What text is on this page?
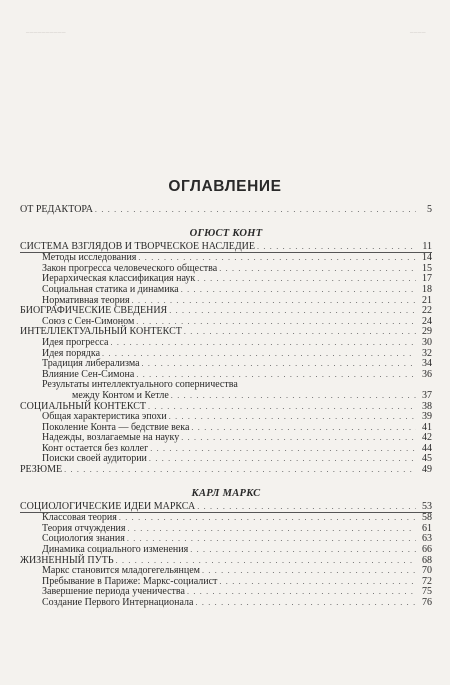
__________	____
ОГЛАВЛЕНИЕ
ОТ РЕДАКТОРА . . .	5
ОГЮСТ КОНТ
СИСТЕМА ВЗГЛЯДОВ И ТВОРЧЕСКОЕ НАСЛЕДИЕ . . .	11
Методы исследования . . .	14
Закон прогресса человеческого общества . . .	15
Иерархическая классификация наук . . .	17
Социальная статика и динамика . . .	18
Нормативная теория . . .	21
БИОГРАФИЧЕСКИЕ СВЕДЕНИЯ . . .	22
Союз с Сен-Симоном . . .	24
ИНТЕЛЛЕКТУАЛЬНЫЙ КОНТЕКСТ . . .	29
Идея прогресса . . .	30
Идея порядка . . .	32
Традиция либерализма . . .	34
Влияние Сен-Симона . . .	36
Результаты интеллектуального соперничества
между Контом и Кетле . . .	37
СОЦИАЛЬНЫЙ КОНТЕКСТ . . .	38
Общая характеристика эпохи . . .	39
Поколение Конта — бедствие века . . .	41
Надежды, возлагаемые на науку . . .	42
Конт остается без коллег . . .	44
Поиски своей аудитории . . .	45
РЕЗЮМЕ . . .	49
КАРЛ МАРКС
СОЦИОЛОГИЧЕСКИЕ ИДЕИ МАРКСА . . .	53
Классовая теория . . .	58
Теория отчуждения . . .	61
Социология знания . . .	63
Динамика социального изменения . . .	66
ЖИЗНЕННЫЙ ПУТЬ . . .	68
Маркс становится младогегельянцем . . .	70
Пребывание в Париже: Маркс-социалист . . .	72
Завершение периода ученичества . . .	75
Создание Первого Интернационала . . .	76
